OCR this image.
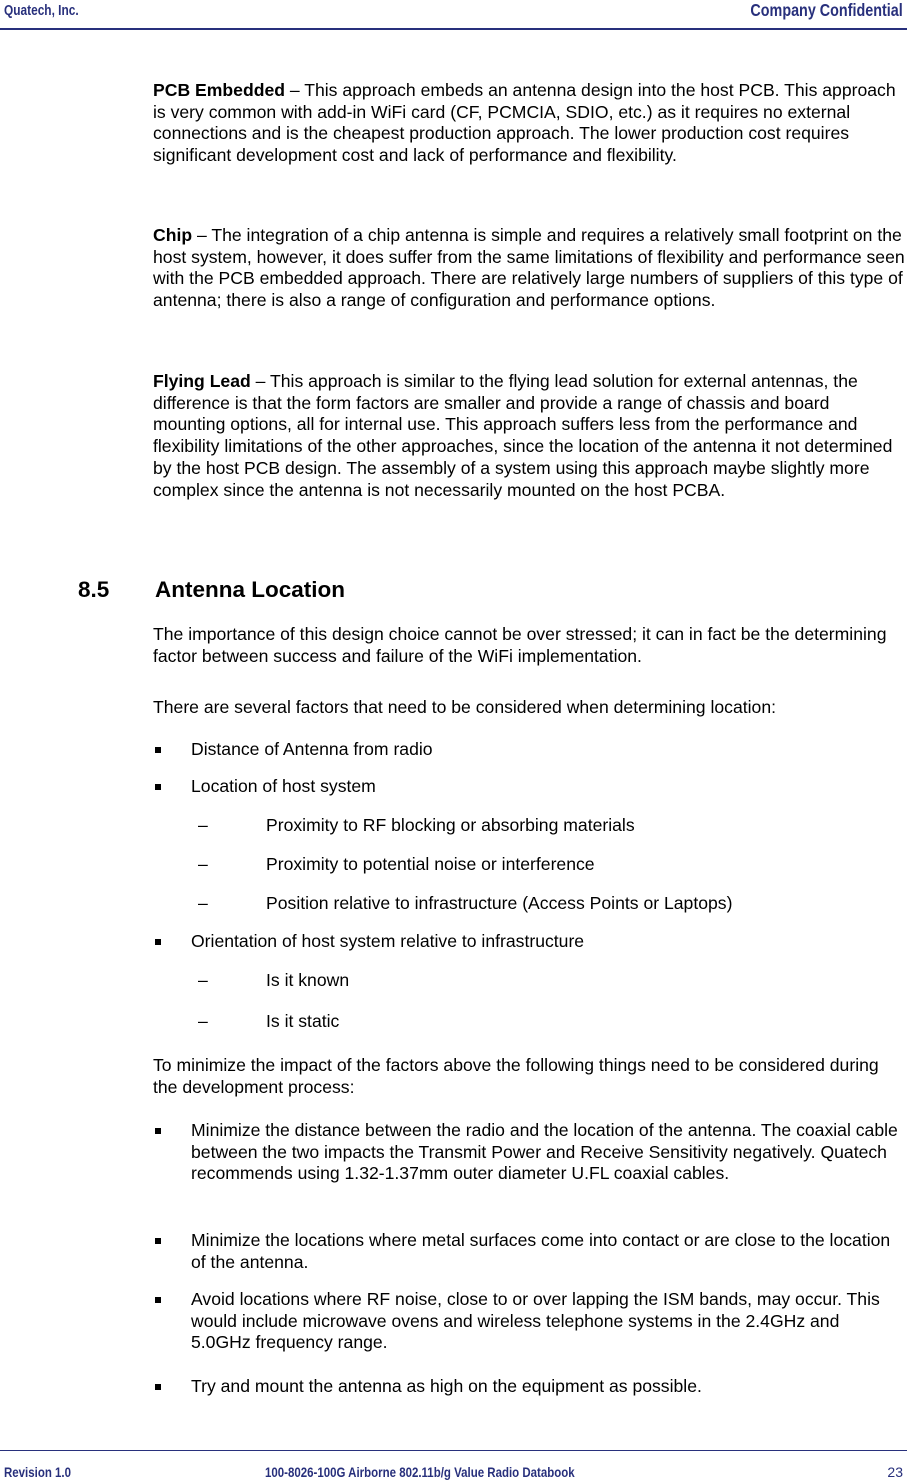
Quatech, Inc.	Company Confidential

PCB Embedded – This approach embeds an antenna design into the host PCB. This approach is very common with add-in WiFi card (CF, PCMCIA, SDIO, etc.) as it requires no external connections and is the cheapest production approach. The lower production cost requires significant development cost and lack of performance and flexibility.

Chip – The integration of a chip antenna is simple and requires a relatively small footprint on the host system, however, it does suffer from the same limitations of flexibility and performance seen with the PCB embedded approach. There are relatively large numbers of suppliers of this type of antenna; there is also a range of configuration and performance options.

Flying Lead – This approach is similar to the flying lead solution for external antennas, the difference is that the form factors are smaller and provide a range of chassis and board mounting options, all for internal use. This approach suffers less from the performance and flexibility limitations of the other approaches, since the location of the antenna it not determined by the host PCB design. The assembly of a system using this approach maybe slightly more complex since the antenna is not necessarily mounted on the host PCBA.

8.5 Antenna Location

The importance of this design choice cannot be over stressed; it can in fact be the determining factor between success and failure of the WiFi implementation.

There are several factors that need to be considered when determining location:

Distance of Antenna from radio
Location of host system
–	Proximity to RF blocking or absorbing materials
–	Proximity to potential noise or interference
–	Position relative to infrastructure (Access Points or Laptops)
Orientation of host system relative to infrastructure
–	Is it known
–	Is it static

To minimize the impact of the factors above the following things need to be considered during the development process:

Minimize the distance between the radio and the location of the antenna. The coaxial cable between the two impacts the Transmit Power and Receive Sensitivity negatively. Quatech recommends using 1.32-1.37mm outer diameter U.FL coaxial cables.
Minimize the locations where metal surfaces come into contact or are close to the location of the antenna.
Avoid locations where RF noise, close to or over lapping the ISM bands, may occur. This would include microwave ovens and wireless telephone systems in the 2.4GHz and 5.0GHz frequency range.
Try and mount the antenna as high on the equipment as possible.
Revision 1.0	100-8026-100G Airborne 802.11b/g Value Radio Databook	23
